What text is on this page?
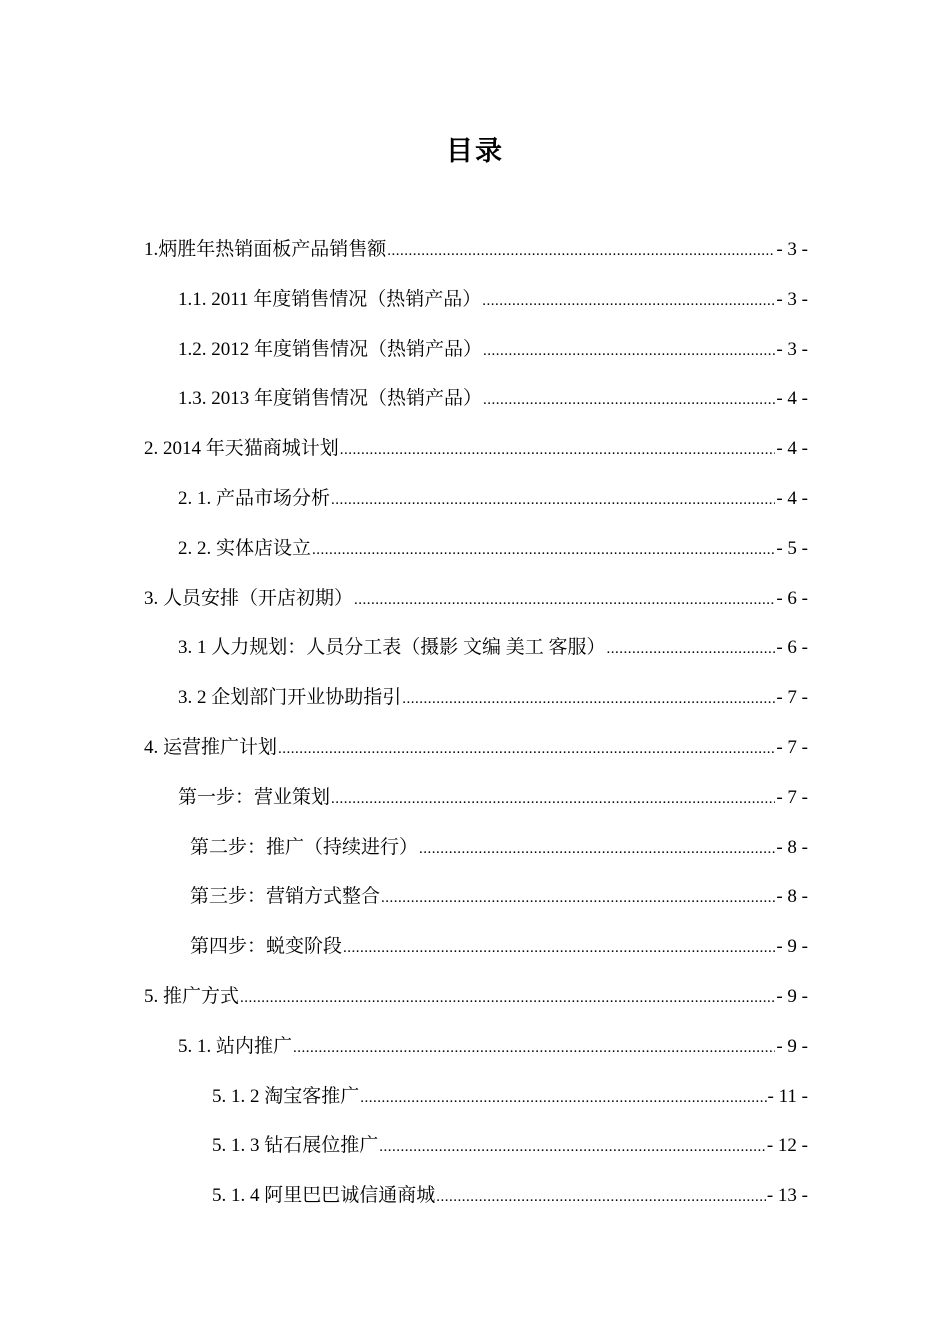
目录
1.炳胜年热销面板产品销售额 .....	- 3 -
1.1. 2011 年度销售情况（热销产品） .....	- 3 -
1.2. 2012 年度销售情况（热销产品） .....	- 3 -
1.3. 2013 年度销售情况（热销产品） .....	- 4 -
2. 2014 年天猫商城计划 .....	- 4 -
2. 1. 产品市场分析 .....	- 4 -
2. 2. 实体店设立 .....	- 5 -
3. 人员安排（开店初期） .....	- 6 -
3. 1 人力规划：人员分工表（摄影 文编 美工 客服） .....	- 6 -
3. 2 企划部门开业协助指引 .....	- 7 -
4. 运营推广计划 .....	- 7 -
第一步：营业策划 .....	- 7 -
第二步：推广（持续进行） .....	- 8 -
第三步：营销方式整合 .....	- 8 -
第四步：蜕变阶段 .....	- 9 -
5. 推广方式 .....	- 9 -
5. 1. 站内推广 .....	- 9 -
5. 1. 2 淘宝客推广 .....	- 11 -
5. 1. 3 钻石展位推广 .....	- 12 -
5. 1. 4 阿里巴巴诚信通商城 .....	- 13 -
